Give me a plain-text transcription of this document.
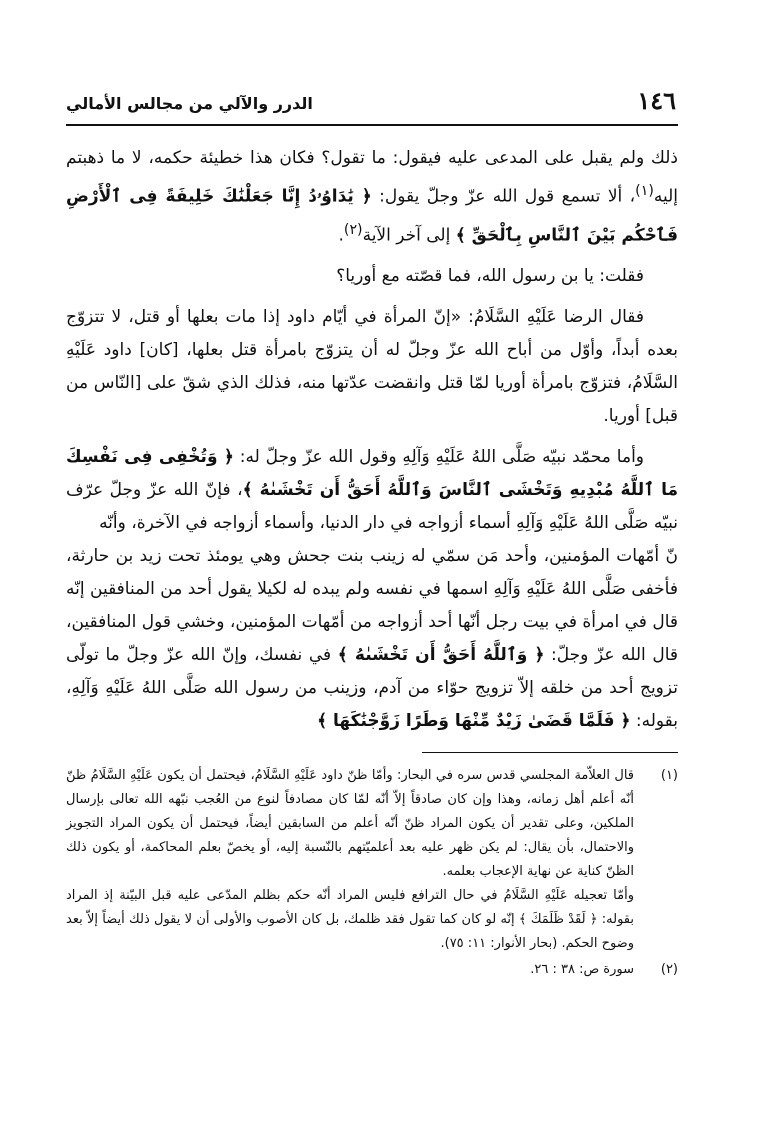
١٤٦
الدرر والآلي من مجالس الأمالي

ذلك ولم يقبل على المدعى عليه فيقول: ما تقول؟ فكان هذا خطيئة حكمه، لا ما ذهبتم إليه$^{(١)}$، ألا تسمع قول الله عزّ وجلّ يقول: ﴿ يَٰدَاوُۥدُ إِنَّا جَعَلْنَٰكَ خَلِيفَةً فِى ٱلْأَرْضِ فَٱحْكُم بَيْنَ ٱلنَّاسِ بِٱلْحَقِّ ﴾ إلى آخر الآية$^{(٢)}$.

فقلت: يا بن رسول الله، فما قصّته مع أوريا؟

فقال الرضا عَلَيْهِ السَّلَامُ: «إنّ المرأة في أيّام داود إذا مات بعلها أو قتل، لا تتزوّج بعده أبداً، وأوّل من أباح الله عزّ وجلّ له أن يتزوّج بامرأة قتل بعلها، [كان] داود عَلَيْهِ السَّلَامُ، فتزوّج بامرأة أوريا لمّا قتل وانقضت عدّتها منه، فذلك الذي شقّ على [النّاس من قبل] أوريا.

وأما محمّد نبيّه صَلَّى اللهُ عَلَيْهِ وَآلِهِ وقول الله عزّ وجلّ له: ﴿ وَتُخْفِى فِى نَفْسِكَ مَا ٱللَّهُ مُبْدِيهِ وَتَخْشَى ٱلنَّاسَ وَٱللَّهُ أَحَقُّ أَن تَخْشَىٰهُ ﴾، فإنّ الله عزّ وجلّ عرّف نبيّه صَلَّى اللهُ عَلَيْهِ وَآلِهِ أسماء أزواجه في دار الدنيا، وأسماء أزواجه في الآخرة، وأنّه
نّ أمّهات المؤمنين، وأحد مَن سمّي له زينب بنت جحش وهي يومئذ تحت زيد بن حارثة، فأخفى صَلَّى اللهُ عَلَيْهِ وَآلِهِ اسمها في نفسه ولم يبده له لكيلا يقول أحد من المنافقين إنّه قال في امرأة في بيت رجل أنّها أحد أزواجه من أمّهات المؤمنين، وخشي قول المنافقين، قال الله عزّ وجلّ: ﴿ وَٱللَّهُ أَحَقُّ أَن تَخْشَىٰهُ ﴾ في نفسك، وإنّ الله عزّ وجلّ ما تولّى تزويج أحد من خلقه إلاّ تزويج حوّاء من آدم، وزينب من رسول الله صَلَّى اللهُ عَلَيْهِ وَآلِهِ، بقوله: ﴿ فَلَمَّا قَضَىٰ زَيْدٌ مِّنْهَا وَطَرًا زَوَّجْنَٰكَهَا ﴾

(١)

قال العلاّمة المجلسي قدس سره في البحار: وأمّا ظنّ داود عَلَيْهِ السَّلَامُ، فيحتمل أن يكون عَلَيْهِ السَّلَامُ ظنّ أنّه أعلم أهل زمانه، وهذا وإن كان صادقاً إلاّ أنّه لمّا كان مصادفاً لنوع من العُجب نبّهه الله تعالى بإرسال الملكين، وعلى تقدير أن يكون المراد ظنّ أنّه أعلم من السابقين أيضاً، فيحتمل أن يكون المراد التجويز والاحتمال، بأن يقال: لم يكن ظهر عليه بعد أعلميّتهم بالنّسبة إليه، أو يخصّ بعلم المحاكمة، أو يكون ذلك الظنّ كناية عن نهاية الإعجاب بعلمه.

وأمّا تعجيله عَلَيْهِ السَّلَامُ في حال الترافع فليس المراد أنّه حكم بظلم المدّعى عليه قبل البيّنة إذ المراد بقوله: ﴿ لَقَدْ ظَلَمَكَ ﴾ إنّه لو كان كما تقول فقد ظلمك، بل كان الأصوب والأولى أن لا يقول ذلك أيضاً إلاّ بعد وضوح الحكم. (بحار الأنوار: ١١: ٧٥).

(٢)

سورة ص: ٣٨ : ٢٦.
